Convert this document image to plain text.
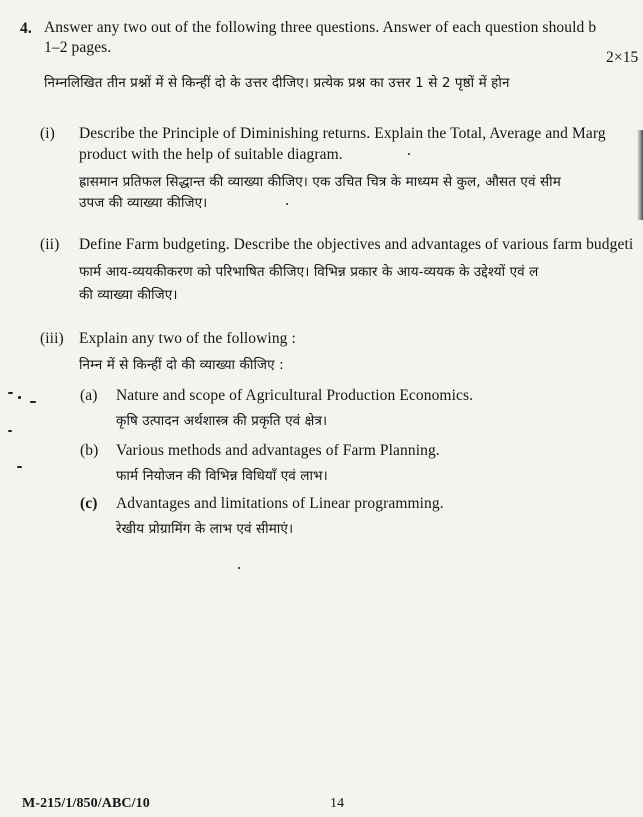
4. Answer any two out of the following three questions. Answer of each question should b
1–2 pages.
2×15
निम्नलिखित तीन प्रश्नों में से किन्हीं दो के उत्तर दीजिए। प्रत्येक प्रश्न का उत्तर 1 से 2 पृष्ठों में होन
(i) Describe the Principle of Diminishing returns. Explain the Total, Average and Marg
product with the help of suitable diagram.
ह्रासमान प्रतिफल सिद्धान्त की व्याख्या कीजिए। एक उचित चित्र के माध्यम से कुल, औसत एवं सीम
उपज की व्याख्या कीजिए।
(ii) Define Farm budgeting. Describe the objectives and advantages of various farm budgeti
फार्म आय-व्ययकीकरण को परिभाषित कीजिए। विभिन्न प्रकार के आय-व्ययक के उद्देश्यों एवं ल
की व्याख्या कीजिए।
(iii) Explain any two of the following :
निम्न में से किन्हीं दो की व्याख्या कीजिए :
(a) Nature and scope of Agricultural Production Economics.
कृषि उत्पादन अर्थशास्त्र की प्रकृति एवं क्षेत्र।
(b) Various methods and advantages of Farm Planning.
फार्म नियोजन की विभिन्न विधियाँ एवं लाभ।
(c) Advantages and limitations of Linear programming.
रेखीय प्रोग्रामिंग के लाभ एवं सीमाएं।
M-215/1/850/ABC/10	14
